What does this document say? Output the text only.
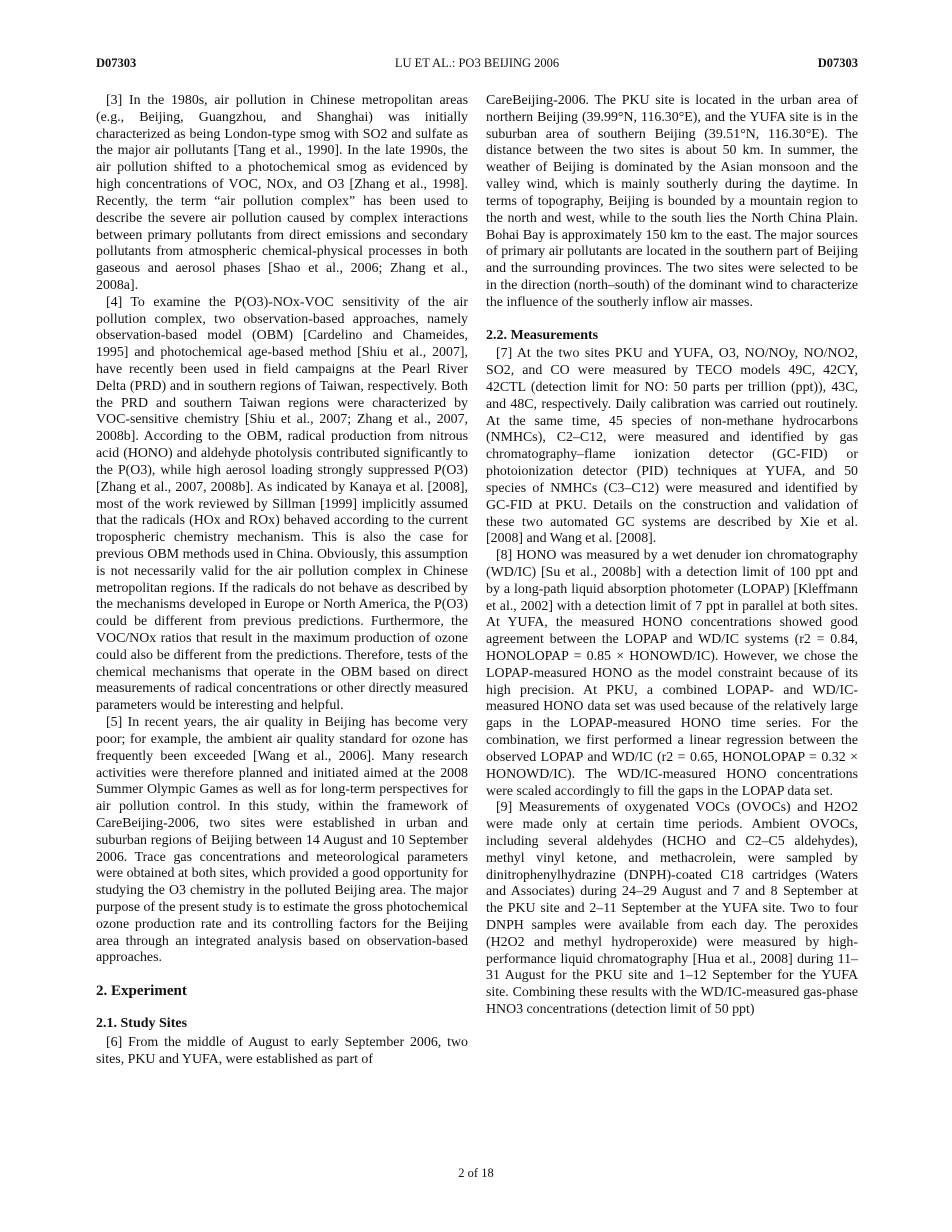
D07303	LU ET AL.: PO3 BEIJING 2006	D07303

[3] In the 1980s, air pollution in Chinese metropolitan areas (e.g., Beijing, Guangzhou, and Shanghai) was initially characterized as being London-type smog with SO2 and sulfate as the major air pollutants [Tang et al., 1990]. In the late 1990s, the air pollution shifted to a photochemical smog as evidenced by high concentrations of VOC, NOx, and O3 [Zhang et al., 1998]. Recently, the term “air pollution complex” has been used to describe the severe air pollution caused by complex interactions between primary pollutants from direct emissions and secondary pollutants from atmospheric chemical-physical processes in both gaseous and aerosol phases [Shao et al., 2006; Zhang et al., 2008a].

[4] To examine the P(O3)-NOx-VOC sensitivity of the air pollution complex, two observation-based approaches, namely observation-based model (OBM) [Cardelino and Chameides, 1995] and photochemical age-based method [Shiu et al., 2007], have recently been used in field campaigns at the Pearl River Delta (PRD) and in southern regions of Taiwan, respectively. Both the PRD and southern Taiwan regions were characterized by VOC-sensitive chemistry [Shiu et al., 2007; Zhang et al., 2007, 2008b]. According to the OBM, radical production from nitrous acid (HONO) and aldehyde photolysis contributed significantly to the P(O3), while high aerosol loading strongly suppressed P(O3) [Zhang et al., 2007, 2008b]. As indicated by Kanaya et al. [2008], most of the work reviewed by Sillman [1999] implicitly assumed that the radicals (HOx and ROx) behaved according to the current tropospheric chemistry mechanism. This is also the case for previous OBM methods used in China. Obviously, this assumption is not necessarily valid for the air pollution complex in Chinese metropolitan regions. If the radicals do not behave as described by the mechanisms developed in Europe or North America, the P(O3) could be different from previous predictions. Furthermore, the VOC/NOx ratios that result in the maximum production of ozone could also be different from the predictions. Therefore, tests of the chemical mechanisms that operate in the OBM based on direct measurements of radical concentrations or other directly measured parameters would be interesting and helpful.

[5] In recent years, the air quality in Beijing has become very poor; for example, the ambient air quality standard for ozone has frequently been exceeded [Wang et al., 2006]. Many research activities were therefore planned and initiated aimed at the 2008 Summer Olympic Games as well as for long-term perspectives for air pollution control. In this study, within the framework of CareBeijing-2006, two sites were established in urban and suburban regions of Beijing between 14 August and 10 September 2006. Trace gas concentrations and meteorological parameters were obtained at both sites, which provided a good opportunity for studying the O3 chemistry in the polluted Beijing area. The major purpose of the present study is to estimate the gross photochemical ozone production rate and its controlling factors for the Beijing area through an integrated analysis based on observation-based approaches.

2. Experiment
2.1. Study Sites

[6] From the middle of August to early September 2006, two sites, PKU and YUFA, were established as part of

CareBeijing-2006. The PKU site is located in the urban area of northern Beijing (39.99°N, 116.30°E), and the YUFA site is in the suburban area of southern Beijing (39.51°N, 116.30°E). The distance between the two sites is about 50 km. In summer, the weather of Beijing is dominated by the Asian monsoon and the valley wind, which is mainly southerly during the daytime. In terms of topography, Beijing is bounded by a mountain region to the north and west, while to the south lies the North China Plain. Bohai Bay is approximately 150 km to the east. The major sources of primary air pollutants are located in the southern part of Beijing and the surrounding provinces. The two sites were selected to be in the direction (north–south) of the dominant wind to characterize the influence of the southerly inflow air masses.

2.2. Measurements

[7] At the two sites PKU and YUFA, O3, NO/NOy, NO/NO2, SO2, and CO were measured by TECO models 49C, 42CY, 42CTL (detection limit for NO: 50 parts per trillion (ppt)), 43C, and 48C, respectively. Daily calibration was carried out routinely. At the same time, 45 species of non-methane hydrocarbons (NMHCs), C2–C12, were measured and identified by gas chromatography–flame ionization detector (GC-FID) or photoionization detector (PID) techniques at YUFA, and 50 species of NMHCs (C3–C12) were measured and identified by GC-FID at PKU. Details on the construction and validation of these two automated GC systems are described by Xie et al. [2008] and Wang et al. [2008].

[8] HONO was measured by a wet denuder ion chromatography (WD/IC) [Su et al., 2008b] with a detection limit of 100 ppt and by a long-path liquid absorption photometer (LOPAP) [Kleffmann et al., 2002] with a detection limit of 7 ppt in parallel at both sites. At YUFA, the measured HONO concentrations showed good agreement between the LOPAP and WD/IC systems (r2 = 0.84, HONOLOPAP = 0.85 × HONOWD/IC). However, we chose the LOPAP-measured HONO as the model constraint because of its high precision. At PKU, a combined LOPAP- and WD/IC-measured HONO data set was used because of the relatively large gaps in the LOPAP-measured HONO time series. For the combination, we first performed a linear regression between the observed LOPAP and WD/IC (r2 = 0.65, HONOLOPAP = 0.32 × HONOWD/IC). The WD/IC-measured HONO concentrations were scaled accordingly to fill the gaps in the LOPAP data set.

[9] Measurements of oxygenated VOCs (OVOCs) and H2O2 were made only at certain time periods. Ambient OVOCs, including several aldehydes (HCHO and C2–C5 aldehydes), methyl vinyl ketone, and methacrolein, were sampled by dinitrophenylhydrazine (DNPH)-coated C18 cartridges (Waters and Associates) during 24–29 August and 7 and 8 September at the PKU site and 2–11 September at the YUFA site. Two to four DNPH samples were available from each day. The peroxides (H2O2 and methyl hydroperoxide) were measured by high-performance liquid chromatography [Hua et al., 2008] during 11–31 August for the PKU site and 1–12 September for the YUFA site. Combining these results with the WD/IC-measured gas-phase HNO3 concentrations (detection limit of 50 ppt)

2 of 18
